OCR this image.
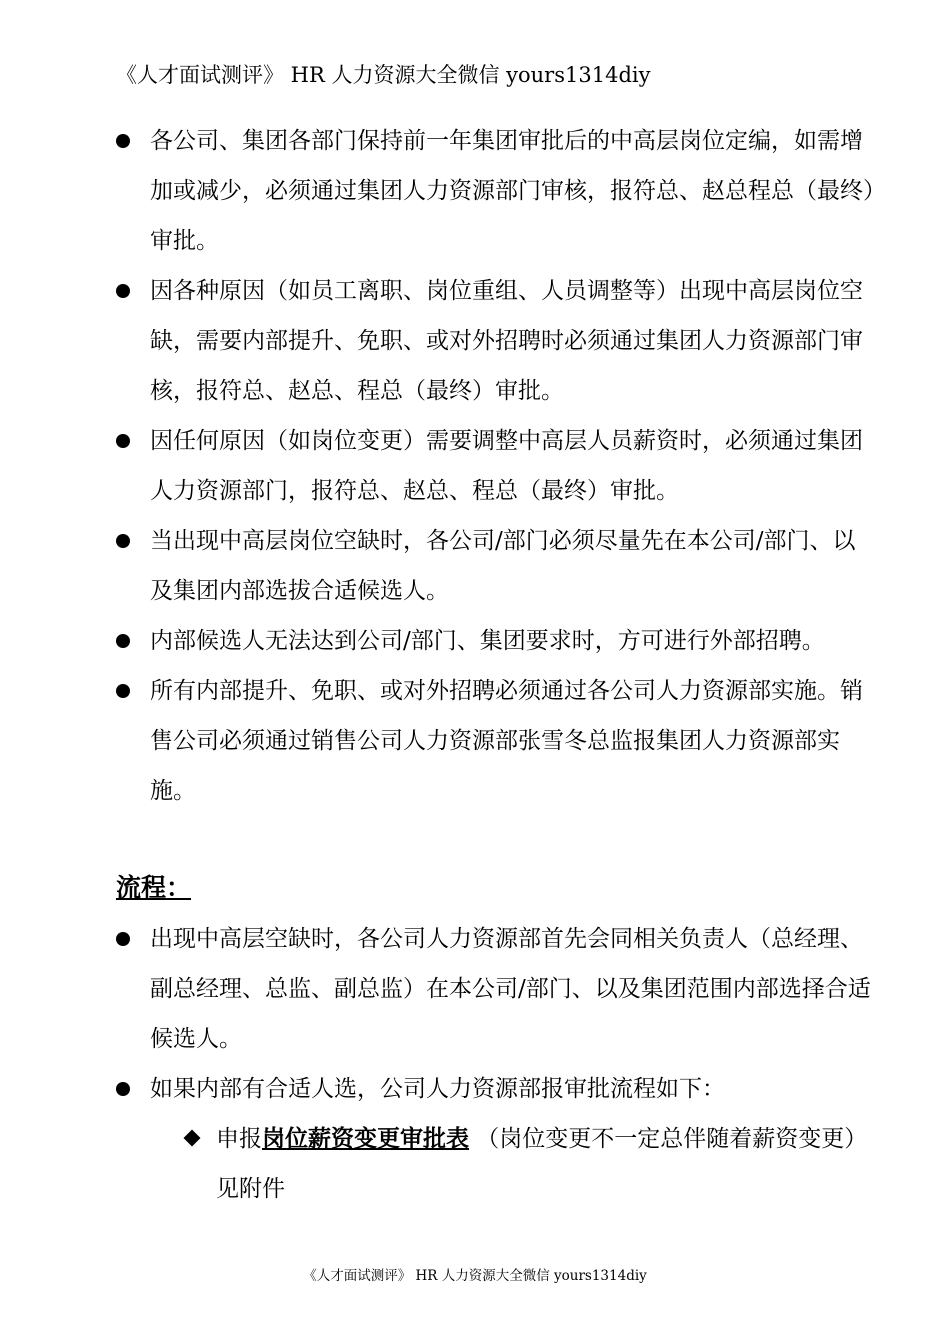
《人才面试测评》 HR 人力资源大全微信 yours1314diy
各公司、集团各部门保持前一年集团审批后的中高层岗位定编，如需增加或减少，必须通过集团人力资源部门审核，报符总、赵总程总（最终）审批。
因各种原因（如员工离职、岗位重组、人员调整等）出现中高层岗位空缺，需要内部提升、免职、或对外招聘时必须通过集团人力资源部门审核，报符总、赵总、程总（最终）审批。
因任何原因（如岗位变更）需要调整中高层人员薪资时，必须通过集团人力资源部门，报符总、赵总、程总（最终）审批。
当出现中高层岗位空缺时，各公司/部门必须尽量先在本公司/部门、以及集团内部选拔合适候选人。
内部候选人无法达到公司/部门、集团要求时，方可进行外部招聘。
所有内部提升、免职、或对外招聘必须通过各公司人力资源部实施。销售公司必须通过销售公司人力资源部张雪冬总监报集团人力资源部实施。
流程：
出现中高层空缺时，各公司人力资源部首先会同相关负责人（总经理、副总经理、总监、副总监）在本公司/部门、以及集团范围内部选择合适候选人。
如果内部有合适人选，公司人力资源部报审批流程如下：
申报岗位薪资变更审批表 （岗位变更不一定总伴随着薪资变更）见附件
《人才面试测评》 HR 人力资源大全微信 yours1314diy
